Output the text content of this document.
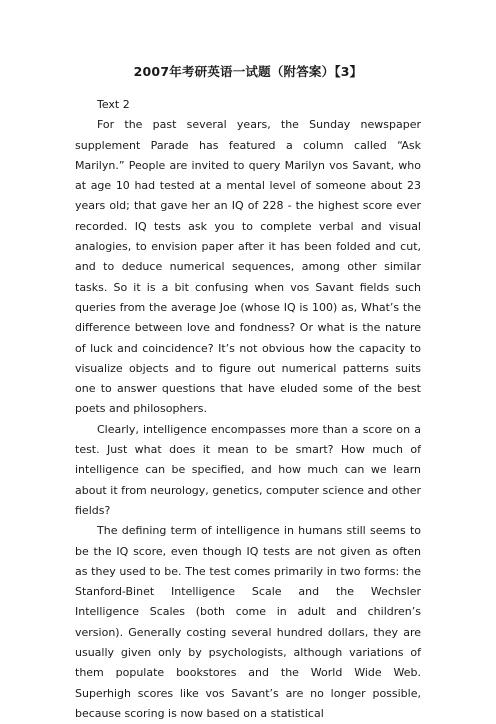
2007年考研英语一试题（附答案）【3】
Text 2

For the past several years, the Sunday newspaper supplement Parade has featured a column called “Ask Marilyn.” People are invited to query Marilyn vos Savant, who at age 10 had tested at a mental level of someone about 23 years old; that gave her an IQ of 228 - the highest score ever recorded. IQ tests ask you to complete verbal and visual analogies, to envision paper after it has been folded and cut, and to deduce numerical sequences, among other similar tasks. So it is a bit confusing when vos Savant fields such queries from the average Joe (whose IQ is 100) as, What’s the difference between love and fondness? Or what is the nature of luck and coincidence? It’s not obvious how the capacity to visualize objects and to figure out numerical patterns suits one to answer questions that have eluded some of the best poets and philosophers.

Clearly, intelligence encompasses more than a score on a test. Just what does it mean to be smart? How much of intelligence can be specified, and how much can we learn about it from neurology, genetics, computer science and other fields?

The defining term of intelligence in humans still seems to be the IQ score, even though IQ tests are not given as often as they used to be. The test comes primarily in two forms: the Stanford-Binet Intelligence Scale and the Wechsler Intelligence Scales (both come in adult and children’s version). Generally costing several hundred dollars, they are usually given only by psychologists, although variations of them populate bookstores and the World Wide Web. Superhigh scores like vos Savant’s are no longer possible, because scoring is now based on a statistical
